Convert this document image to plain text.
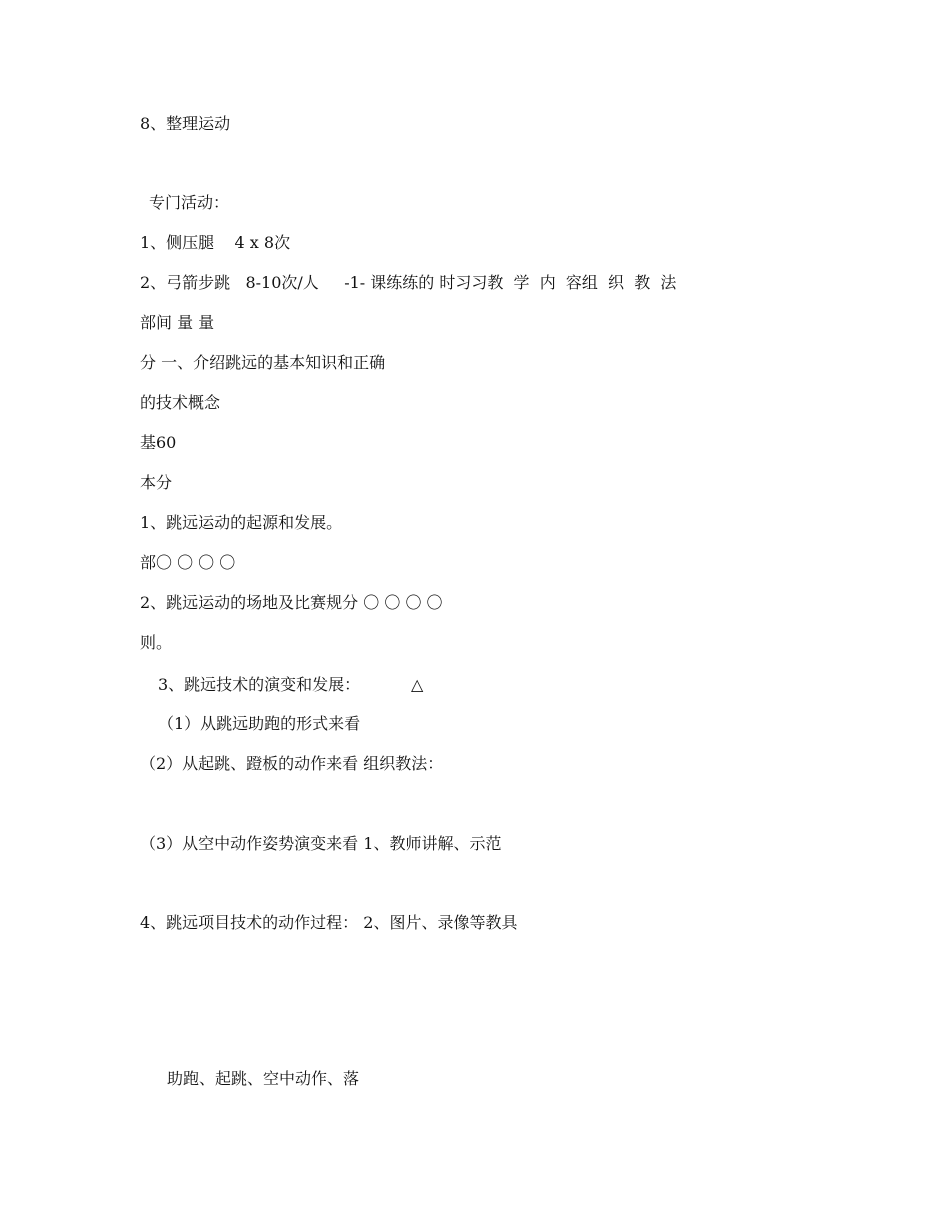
8、整理运动
专门活动：
1、侧压腿    4 x 8次
2、弓箭步跳   8-10次/人     -1- 课练练的 时习习教  学  内  容组  织  教  法
部间 量 量
分 一、介绍跳远的基本知识和正确
的技术概念
基60
本分
1、跳远运动的起源和发展。
部〇 〇 〇 〇
2、跳远运动的场地及比赛规分 〇 〇 〇 〇
则。
3、跳远技术的演变和发展：          △
（1）从跳远助跑的形式来看
（2）从起跳、蹬板的动作来看 组织教法：
（3）从空中动作姿势演变来看 1、教师讲解、示范
4、跳远项目技术的动作过程： 2、图片、录像等教具
助跑、起跳、空中动作、落
